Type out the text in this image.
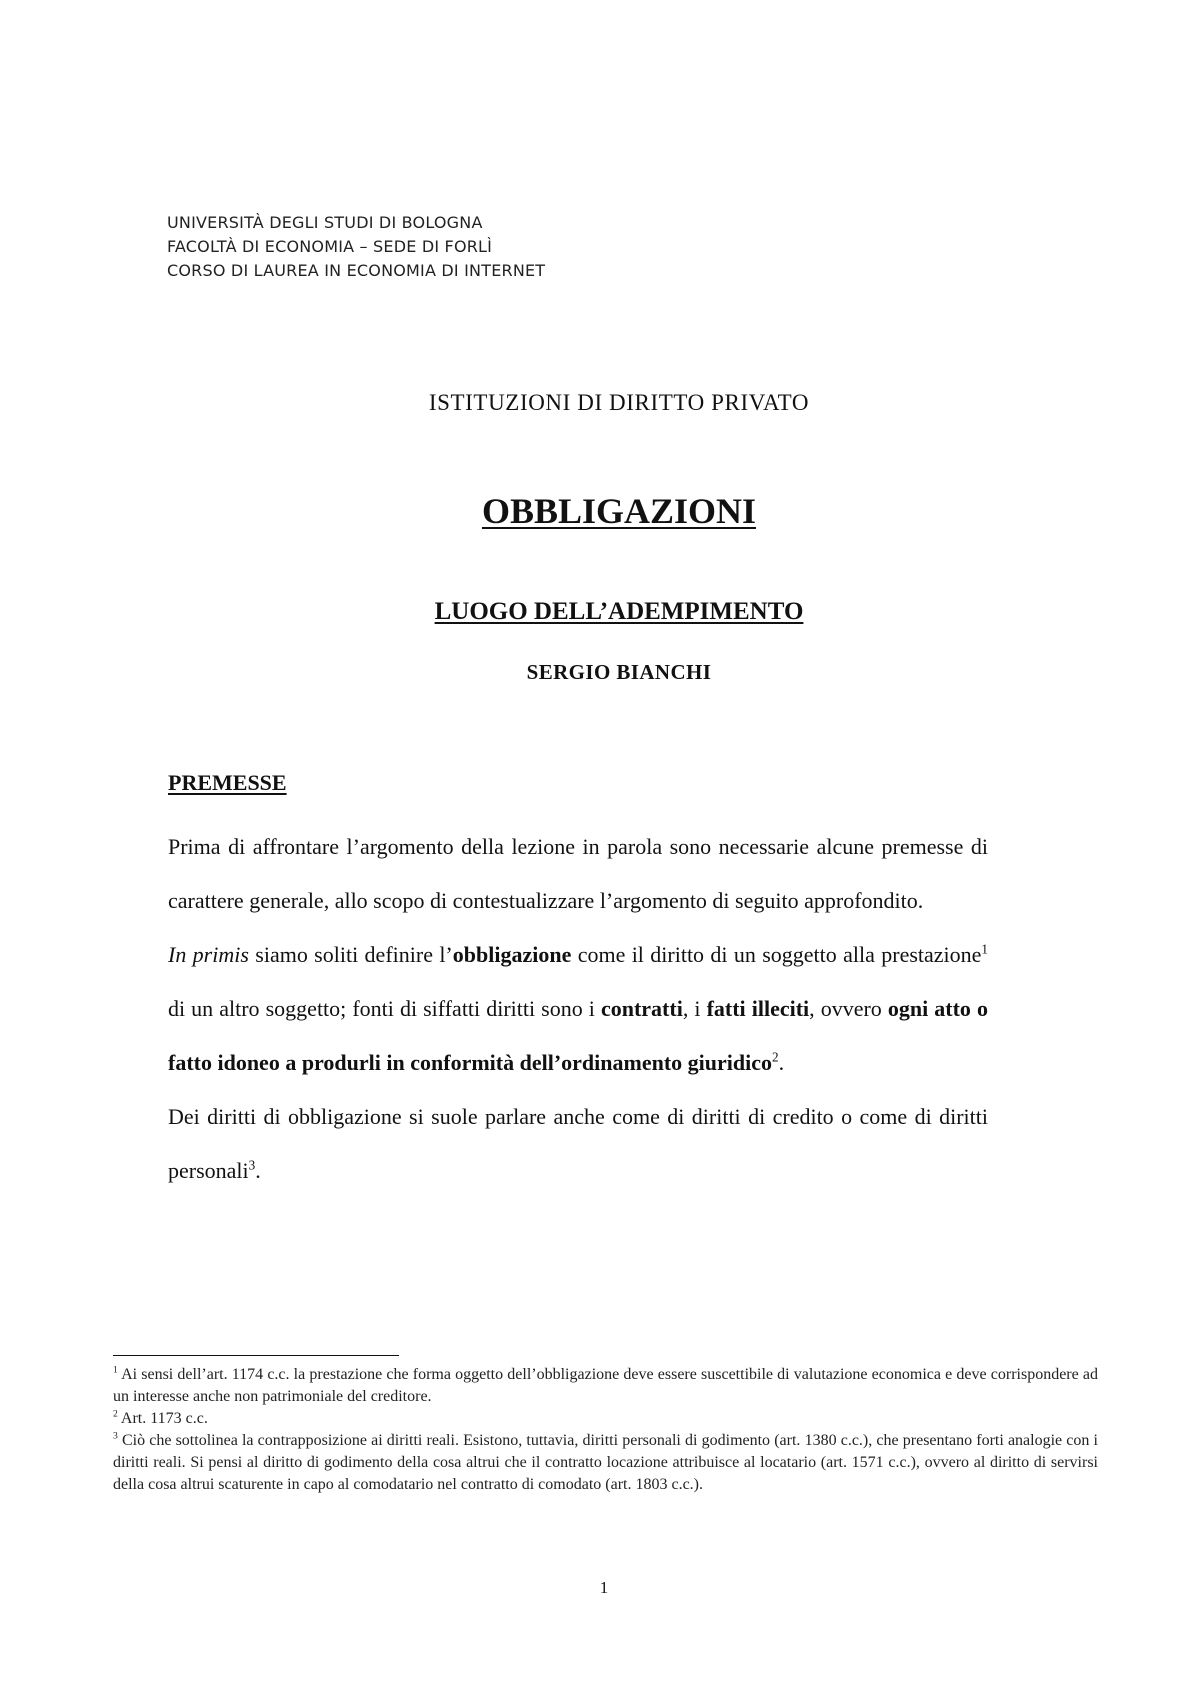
UNIVERSITÀ DEGLI STUDI DI BOLOGNA
FACOLTÀ DI ECONOMIA – SEDE DI FORLÌ
CORSO DI LAUREA IN ECONOMIA DI INTERNET
ISTITUZIONI DI DIRITTO PRIVATO
OBBLIGAZIONI
LUOGO DELL’ADEMPIMENTO
SERGIO BIANCHI
PREMESSE

Prima di affrontare l’argomento della lezione in parola sono necessarie alcune premesse di carattere generale, allo scopo di contestualizzare l’argomento di seguito approfondito.

In primis siamo soliti definire l’obbligazione come il diritto di un soggetto alla prestazione$^1$ di un altro soggetto; fonti di siffatti diritti sono i contratti, i fatti illeciti, ovvero ogni atto o fatto idoneo a produrli in conformità dell’ordinamento giuridico$^2$.

Dei diritti di obbligazione si suole parlare anche come di diritti di credito o come di diritti personali$^3$.

$^1$ Ai sensi dell’art. 1174 c.c. la prestazione che forma oggetto dell’obbligazione deve essere suscettibile di valutazione economica e deve corrispondere ad un interesse anche non patrimoniale del creditore.

$^2$ Art. 1173 c.c.

$^3$ Ciò che sottolinea la contrapposizione ai diritti reali. Esistono, tuttavia, diritti personali di godimento (art. 1380 c.c.), che presentano forti analogie con i diritti reali. Si pensi al diritto di godimento della cosa altrui che il contratto locazione attribuisce al locatario (art. 1571 c.c.), ovvero al diritto di servirsi della cosa altrui scaturente in capo al comodatario nel contratto di comodato (art. 1803 c.c.).

1
